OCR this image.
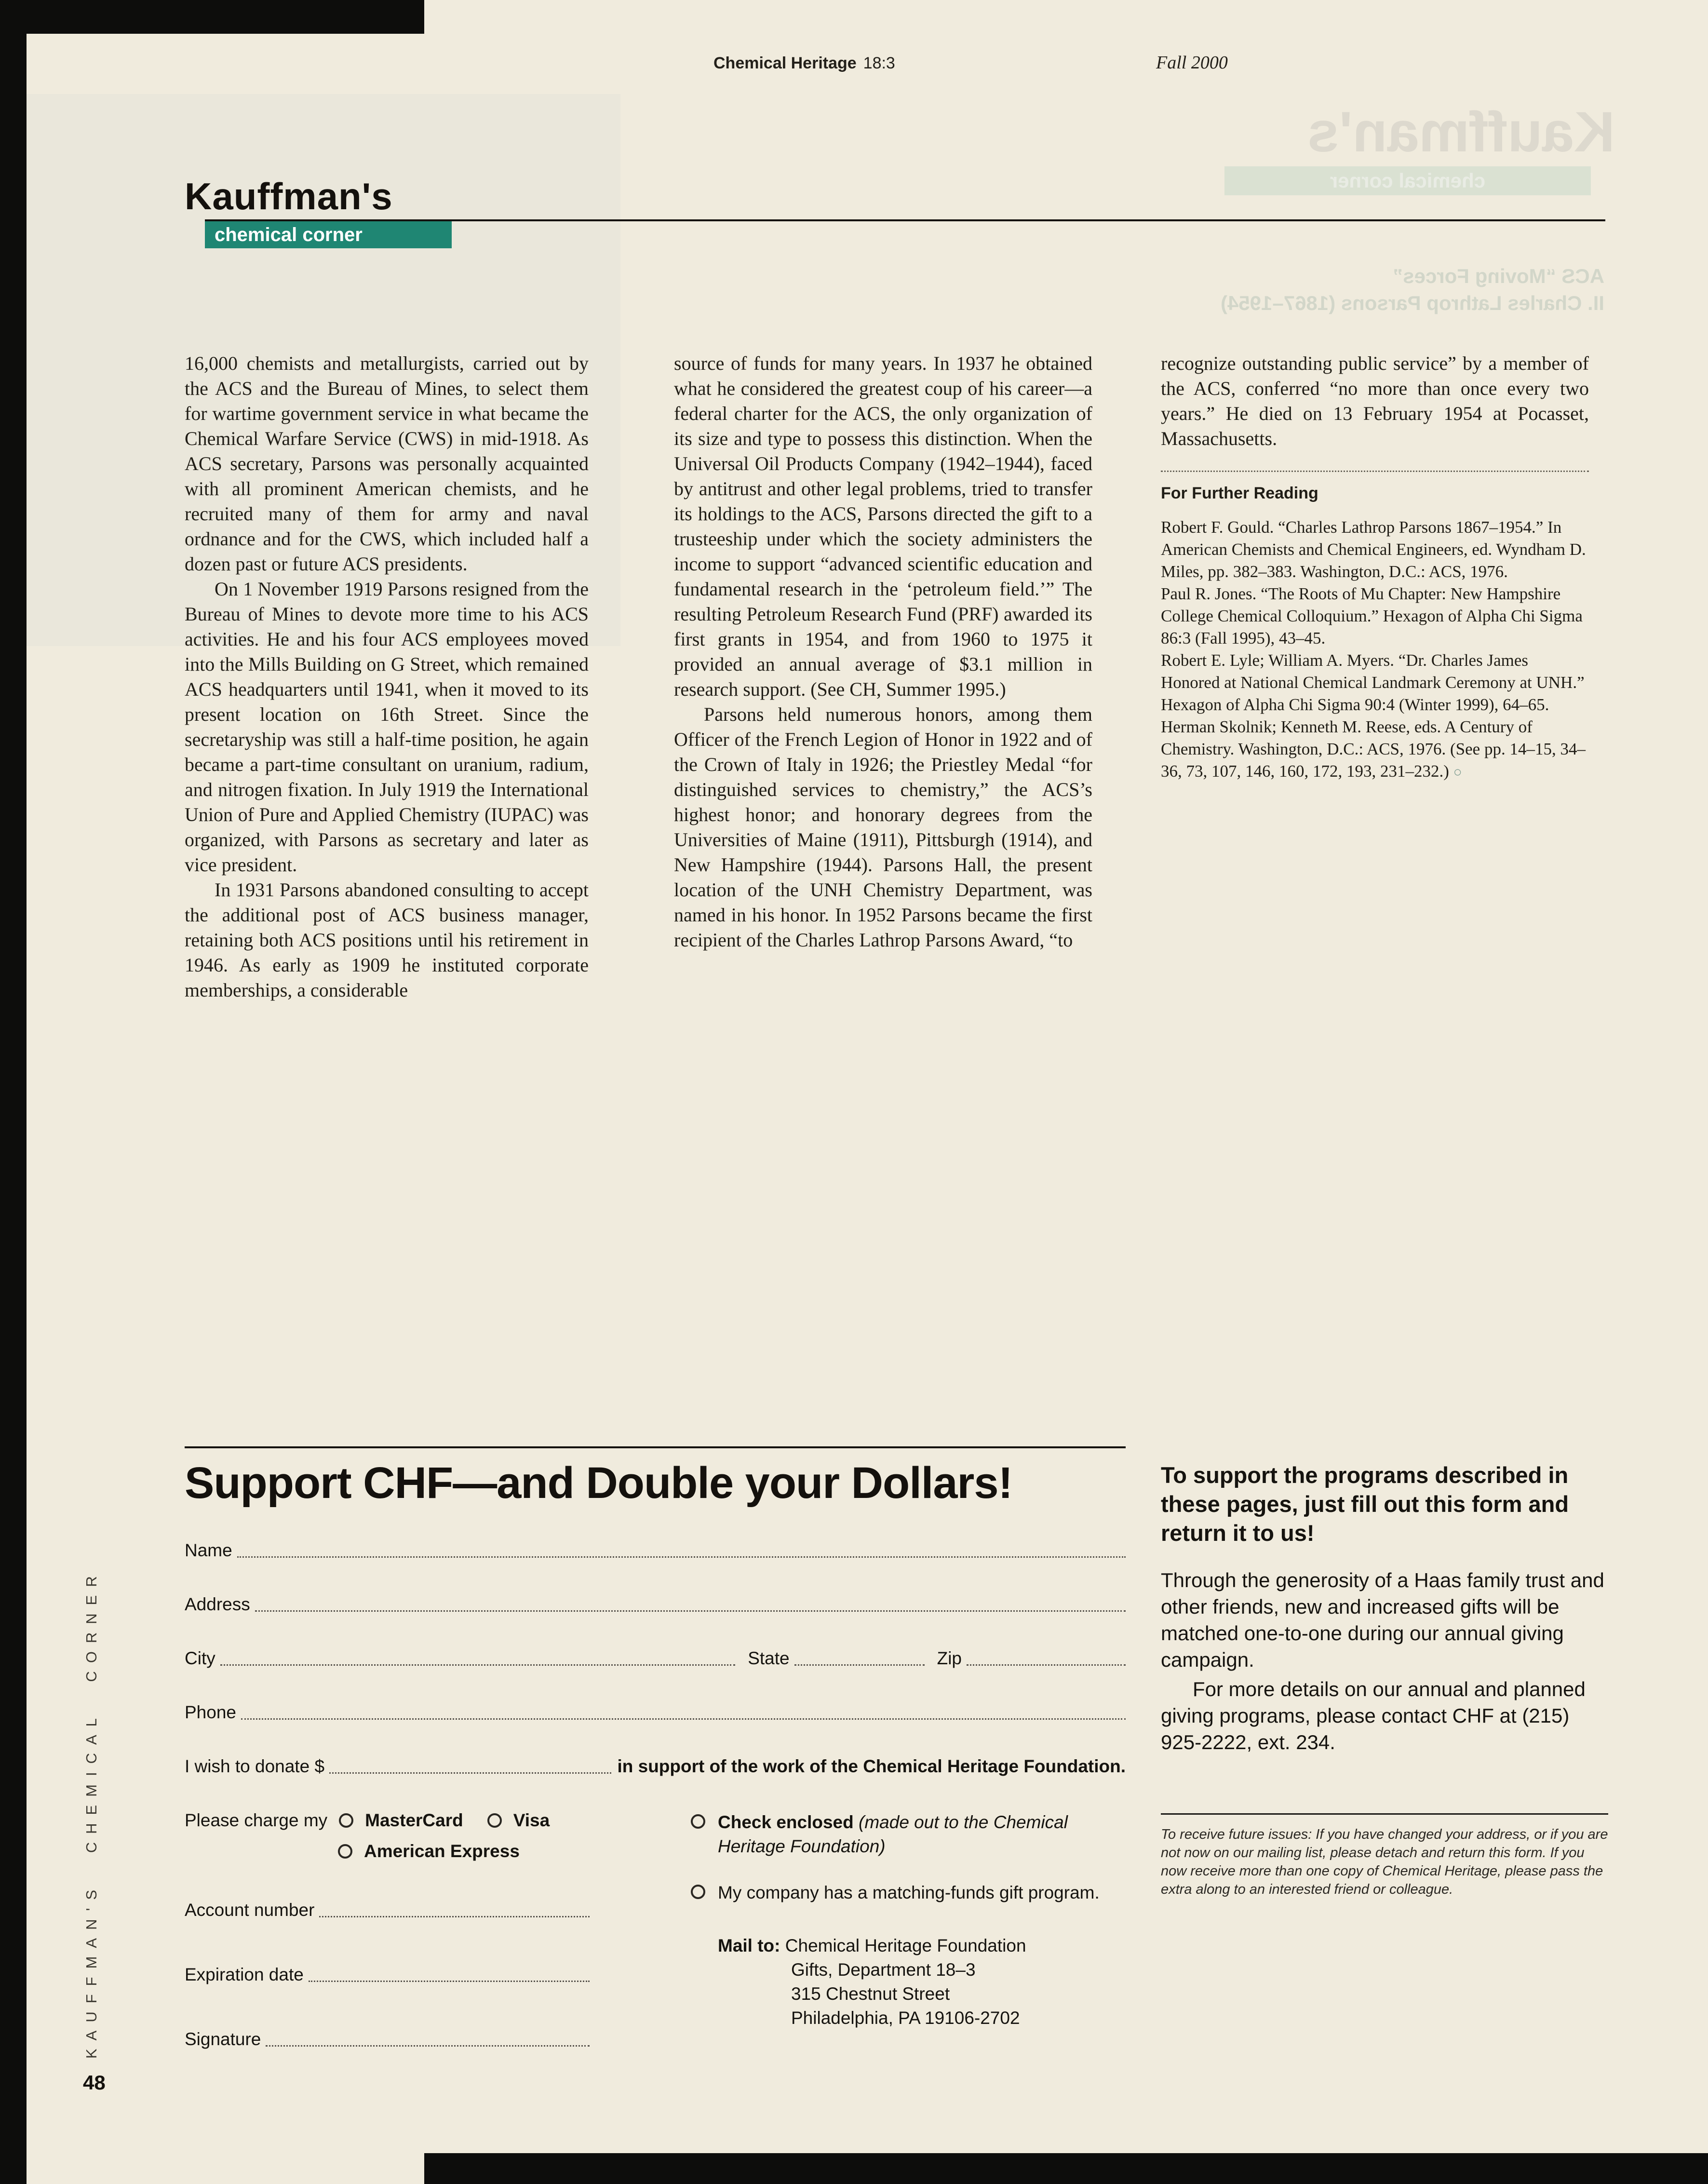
Kauffman's
chemical corner
ACS “Moving Forces”
II. Charles Lathrop Parsons (1867–1954)
Chemical Heritage 18:3	Fall 2000
Kauffman's
chemical corner

16,000 chemists and metallurgists, carried out by the ACS and the Bureau of Mines, to select them for wartime government service in what became the Chemical Warfare Service (CWS) in mid-1918. As ACS secretary, Parsons was personally acquainted with all prominent American chemists, and he recruited many of them for army and naval ordnance and for the CWS, which included half a dozen past or future ACS presidents.

On 1 November 1919 Parsons resigned from the Bureau of Mines to devote more time to his ACS activities. He and his four ACS employees moved into the Mills Building on G Street, which remained ACS headquarters until 1941, when it moved to its present location on 16th Street. Since the secretaryship was still a half-time position, he again became a part-time consultant on uranium, radium, and nitrogen fixation. In July 1919 the International Union of Pure and Applied Chemistry (IUPAC) was organized, with Parsons as secretary and later as vice president.

In 1931 Parsons abandoned consulting to accept the additional post of ACS business manager, retaining both ACS positions until his retirement in 1946. As early as 1909 he instituted corporate memberships, a considerable

source of funds for many years. In 1937 he obtained what he considered the greatest coup of his career—a federal charter for the ACS, the only organization of its size and type to possess this distinction. When the Universal Oil Products Company (1942–1944), faced by antitrust and other legal problems, tried to transfer its holdings to the ACS, Parsons directed the gift to a trusteeship under which the society administers the income to support “advanced scientific education and fundamental research in the ‘petroleum field.’” The resulting Petroleum Research Fund (PRF) awarded its first grants in 1954, and from 1960 to 1975 it provided an annual average of $3.1 million in research support. (See CH, Summer 1995.)

Parsons held numerous honors, among them Officer of the French Legion of Honor in 1922 and of the Crown of Italy in 1926; the Priestley Medal “for distinguished services to chemistry,” the ACS’s highest honor; and honorary degrees from the Universities of Maine (1911), Pittsburgh (1914), and New Hampshire (1944). Parsons Hall, the present location of the UNH Chemistry Department, was named in his honor. In 1952 Parsons became the first recipient of the Charles Lathrop Parsons Award, “to

recognize outstanding public service” by a member of the ACS, conferred “no more than once every two years.” He died on 13 February 1954 at Pocasset, Massachusetts.

For Further Reading

Robert F. Gould. “Charles Lathrop Parsons 1867–1954.” In American Chemists and Chemical Engineers, ed. Wyndham D. Miles, pp. 382–383. Washington, D.C.: ACS, 1976.

Paul R. Jones. “The Roots of Mu Chapter: New Hampshire College Chemical Colloquium.” Hexagon of Alpha Chi Sigma 86:3 (Fall 1995), 43–45.

Robert E. Lyle; William A. Myers. “Dr. Charles James Honored at National Chemical Landmark Ceremony at UNH.” Hexagon of Alpha Chi Sigma 90:4 (Winter 1999), 64–65.

Herman Skolnik; Kenneth M. Reese, eds. A Century of Chemistry. Washington, D.C.: ACS, 1976. (See pp. 14–15, 34–36, 73, 107, 146, 160, 172, 193, 231–232.) ○

Support CHF—and Double your Dollars!
Name
Address
City	State	Zip
Phone
I wish to donate $	in support of the work of the Chemical Heritage Foundation.
Please charge my MasterCard	Visa
American Express
Account number
Expiration date
Signature
Check enclosed (made out to the Chemical Heritage Foundation)
My company has a matching-funds gift program.
Mail to: Chemical Heritage Foundation
Gifts, Department 18–3
315 Chestnut Street
Philadelphia, PA 19106-2702

To support the programs described in these pages, just fill out this form and return it to us!

Through the generosity of a Haas family trust and other friends, new and increased gifts will be matched one-to-one during our annual giving campaign.

For more details on our annual and planned giving programs, please contact CHF at (215) 925-2222, ext. 234.

To receive future issues: If you have changed your address, or if you are not now on our mailing list, please detach and return this form. If you now receive more than one copy of Chemical Heritage, please pass the extra along to an interested friend or colleague.
KAUFFMAN'S CHEMICAL CORNER
48
